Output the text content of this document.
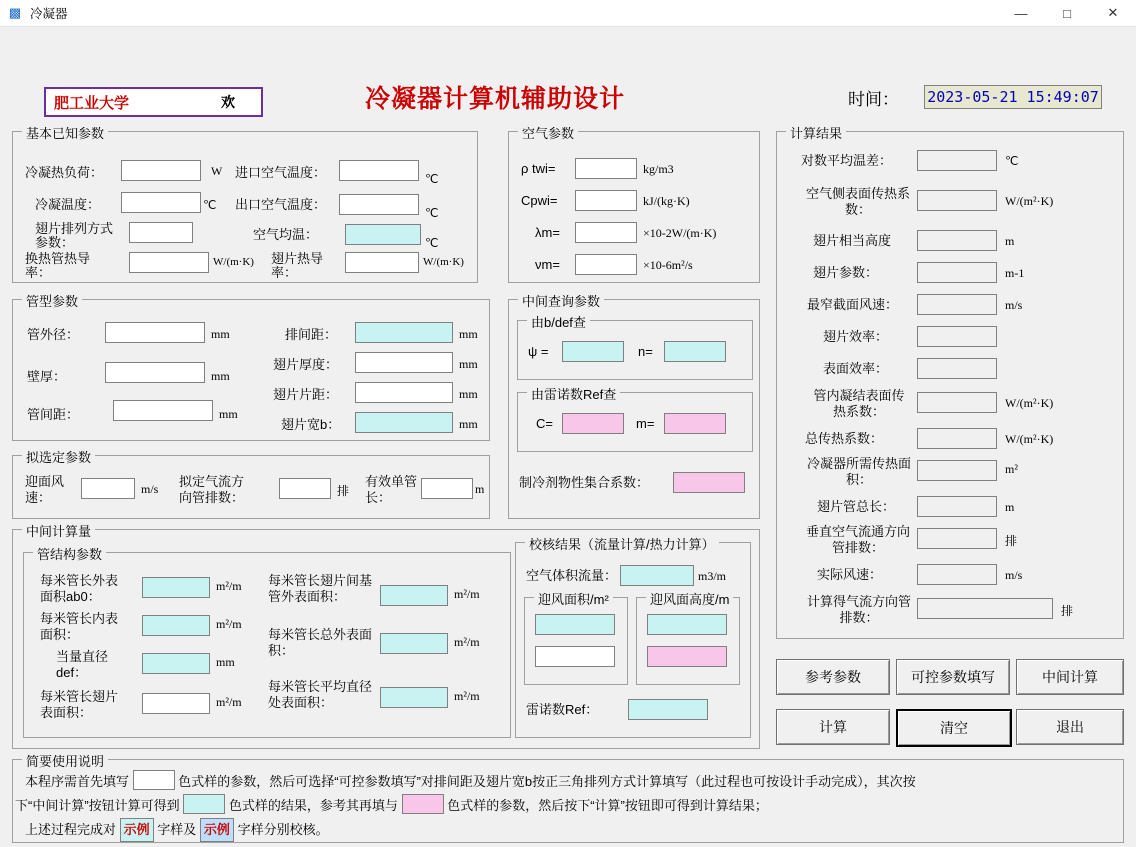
▩ 冷凝器	—	□	✕
肥工业大学	欢	冷凝器计算机辅助设计	时间： 2023-05-21 15:49:07
基本已知参数
冷凝热负荷：	W
冷凝温度：	℃
翅片排列方式参数：
换热管热导率：
W/(m·K)
进口空气温度：	℃
出口空气温度：
℃
空气均温：
℃
翅片热导率：
W/(m·K)
管型参数
管外径：	mm
壁厚：	mm
管间距：	mm
排间距：	mm
翅片厚度：	mm
翅片片距：	mm
翅片宽b：	mm
拟选定参数
迎面风速：
m/s 拟定气流方向管排数：	排
有效单管长：
m
空气参数
ρ twi=	kg/m3
Cpwi=	kJ/(kg·K)
λm=	×10-2W/(m·K)
νm=	×10-6m²/s
中间查询参数
由b/def查
ψ =	n=
由雷诺数Ref查
C=	m=
制冷剂物性集合系数：
计算结果
对数平均温差：	℃
空气侧表面传热系数：
W/(m²·K)
翅片相当高度	m
翅片参数：	m-1
最窄截面风速：	m/s
翅片效率：
表面效率：
管内凝结表面传热系数：
W/(m²·K)
总传热系数：	W/(m²·K)
冷凝器所需传热面积：
m²
翅片管总长：	m
垂直空气流通方向管排数：	排
实际风速：	m/s
计算得气流方向管排数：	排
中间计算量
管结构参数
每米管长外表面积ab0：
m²/m
每米管长内表面积：
m²/m
当量直径def：
mm
每米管长翅片表面积：
m²/m
每米管长翅片间基管外表面积：	m²/m
每米管长总外表面积：
m²/m
每米管长平均直径处表面积：	m²/m
校核结果（流量计算/热力计算）
空气体积流量：	m3/m
迎风面积/m²	迎风面高度/m
雷诺数Ref：
参考参数	可控参数填写	中间计算
计算	清空	退出
简要使用说明
本程序需首先填写	色式样的参数，然后可选择“可控参数填写”对排间距及翅片宽b按正三角排列方式计算填写（此过程也可按设计手动完成），其次按
下“中间计算”按钮计算可得到	色式样的结果，参考其再填与	色式样的参数，然后按下“计算”按钮即可得到计算结果；
上述过程完成对 示例 字样及 示例 字样分别校核。
